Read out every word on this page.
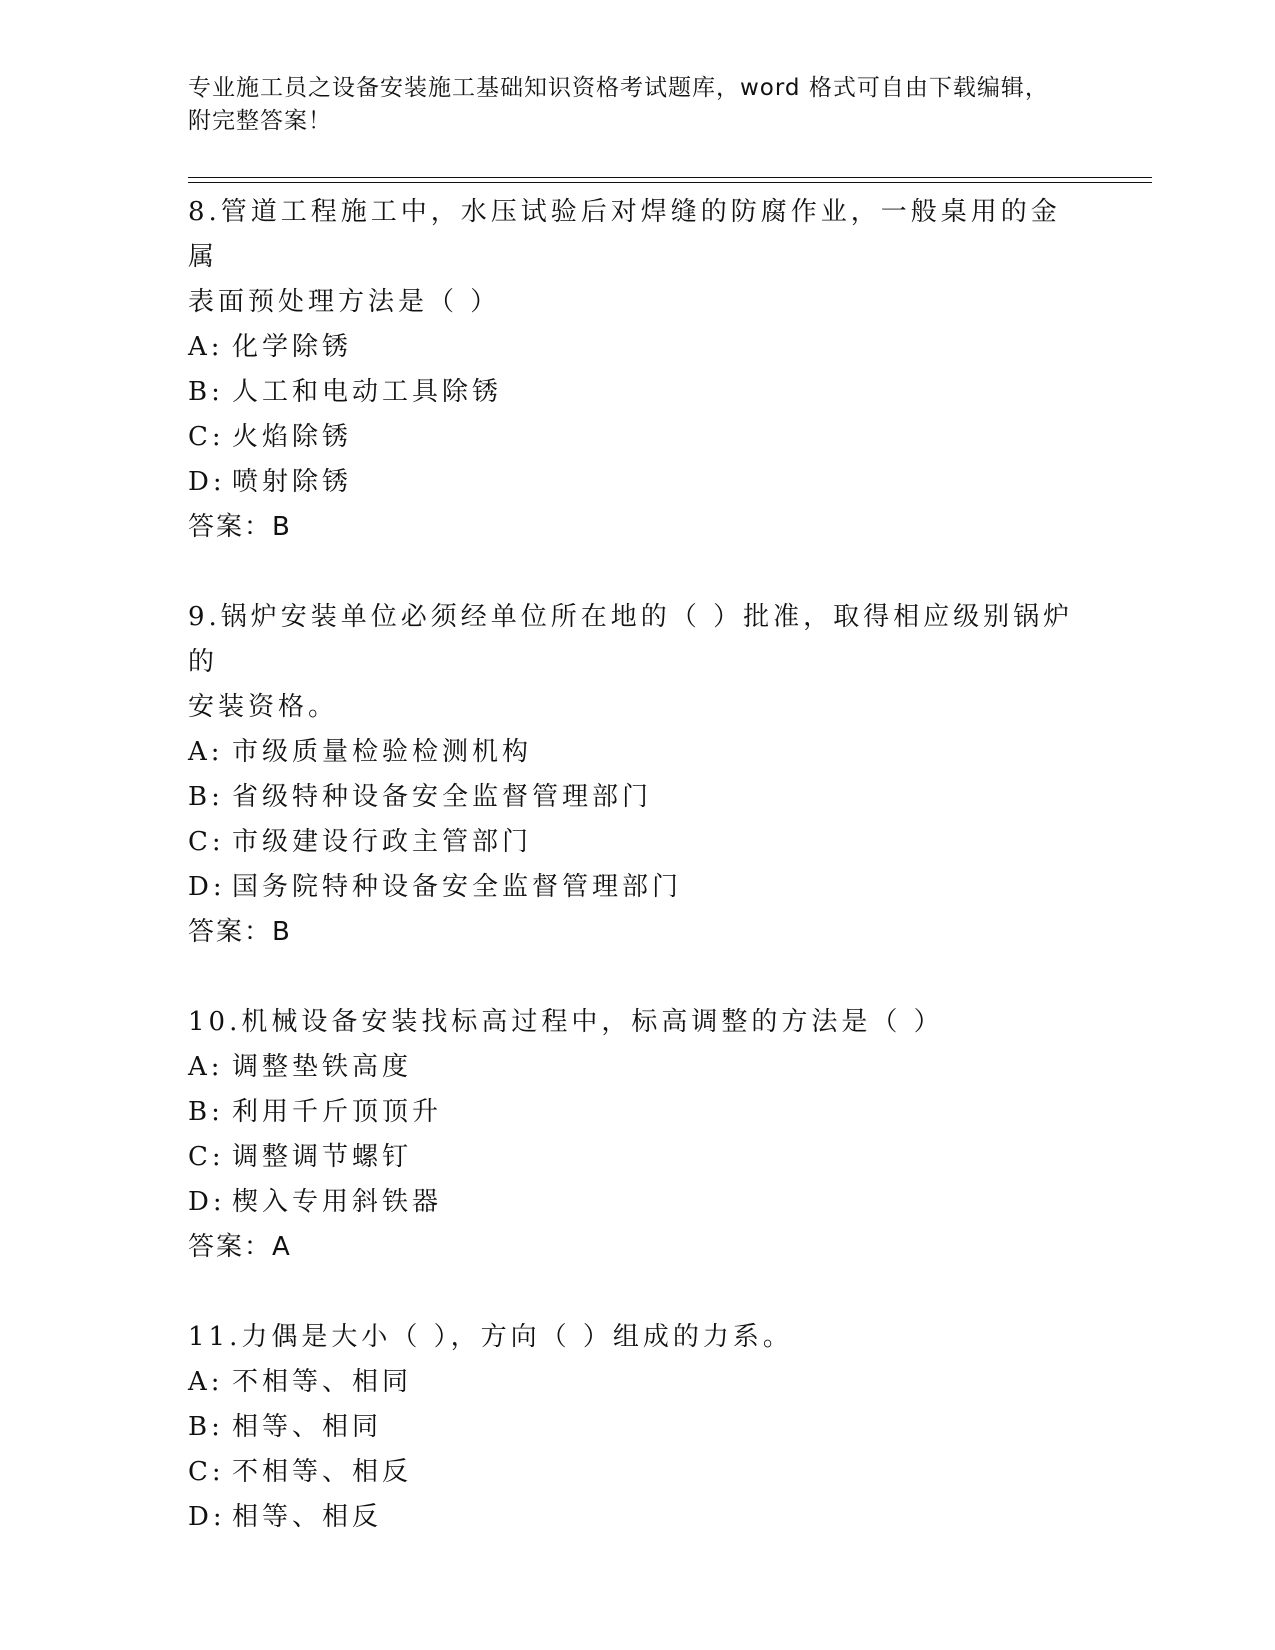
专业施工员之设备安装施工基础知识资格考试题库，word 格式可自由下载编辑，
附完整答案！
8.管道工程施工中，水压试验后对焊缝的防腐作业，一般桌用的金属
表面预处理方法是（ ）
A: 化学除锈
B: 人工和电动工具除锈
C: 火焰除锈
D: 喷射除锈
答案：B
9.锅炉安装单位必须经单位所在地的（ ）批准，取得相应级别锅炉的
安装资格。
A: 市级质量检验检测机构
B: 省级特种设备安全监督管理部门
C: 市级建设行政主管部门
D: 国务院特种设备安全监督管理部门
答案：B
10.机械设备安装找标高过程中，标高调整的方法是（ ）
A: 调整垫铁高度
B: 利用千斤顶顶升
C: 调整调节螺钉
D: 楔入专用斜铁器
答案：A
11.力偶是大小（ ），方向（ ）组成的力系。
A: 不相等、相同
B: 相等、相同
C: 不相等、相反
D: 相等、相反
